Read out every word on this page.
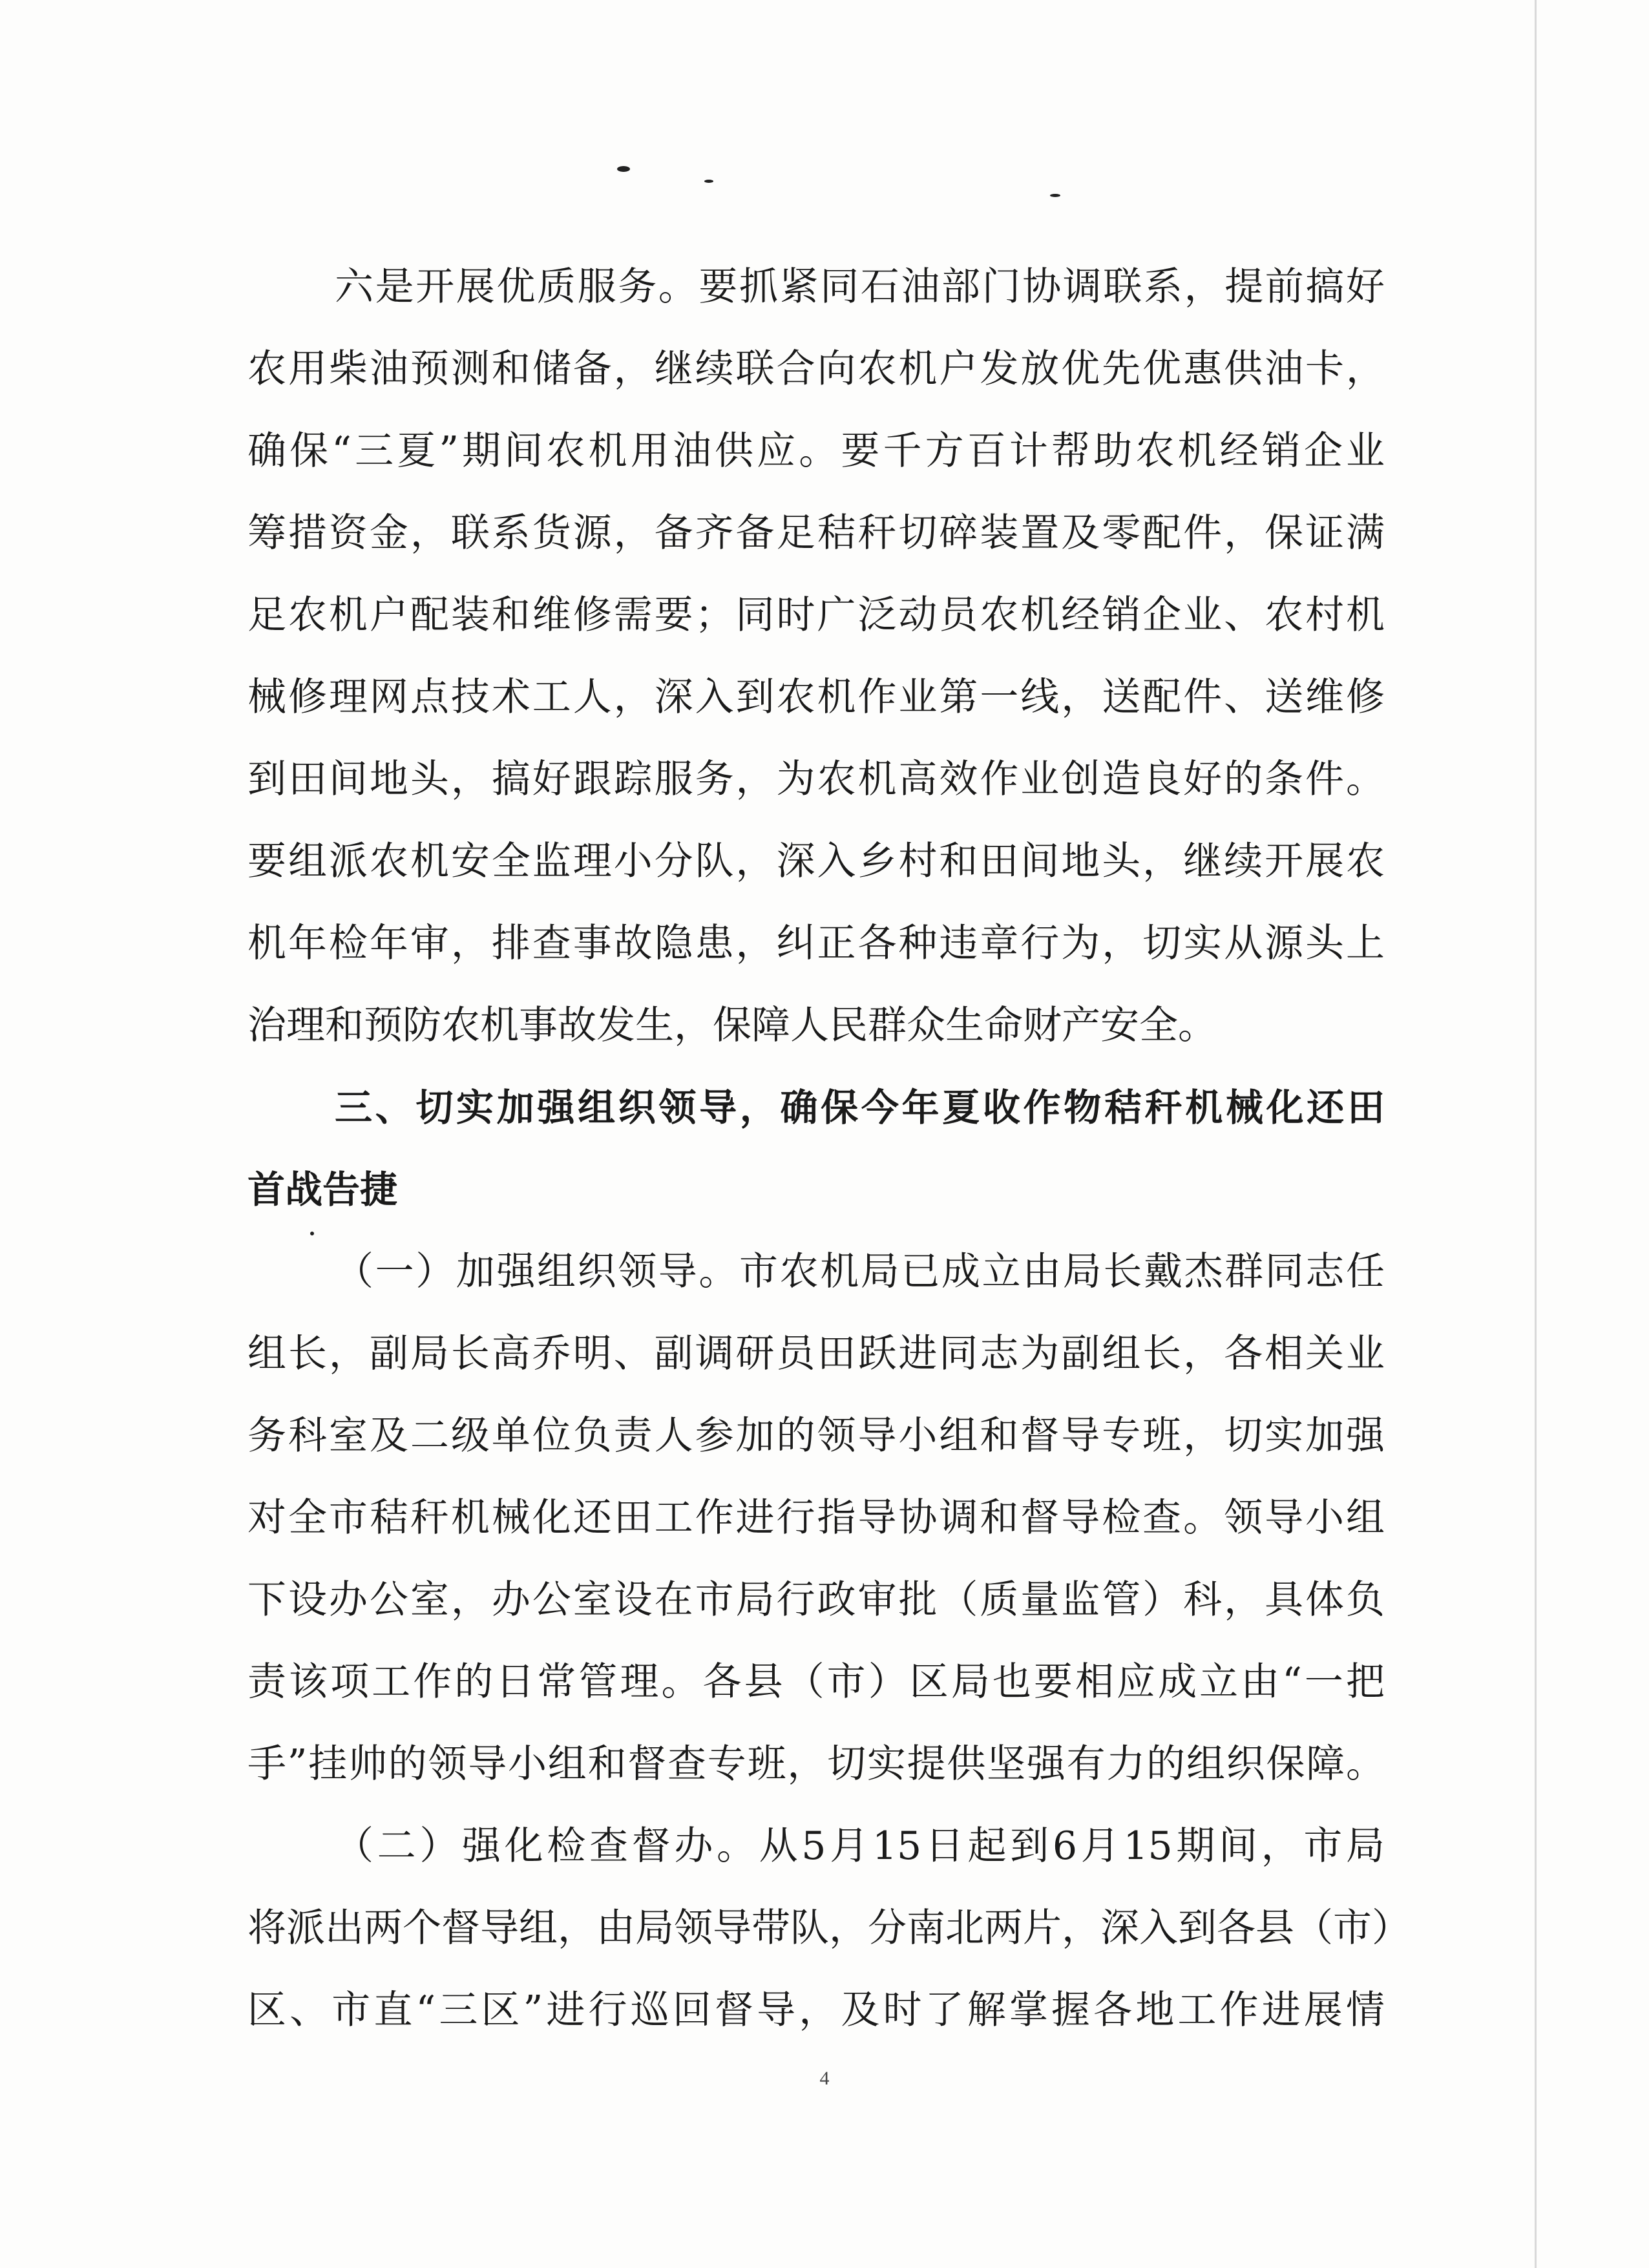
六是开展优质服务。要抓紧同石油部门协调联系，提前搞好
农用柴油预测和储备，继续联合向农机户发放优先优惠供油卡，
确保“三夏”期间农机用油供应。要千方百计帮助农机经销企业
筹措资金，联系货源，备齐备足秸秆切碎装置及零配件，保证满
足农机户配装和维修需要；同时广泛动员农机经销企业、农村机
械修理网点技术工人，深入到农机作业第一线，送配件、送维修
到田间地头，搞好跟踪服务，为农机高效作业创造良好的条件。
要组派农机安全监理小分队，深入乡村和田间地头，继续开展农
机年检年审，排查事故隐患，纠正各种违章行为，切实从源头上
治理和预防农机事故发生，保障人民群众生命财产安全。
三、切实加强组织领导，确保今年夏收作物秸秆机械化还田
首战告捷
（一）加强组织领导。市农机局已成立由局长戴杰群同志任
组长，副局长高乔明、副调研员田跃进同志为副组长，各相关业
务科室及二级单位负责人参加的领导小组和督导专班，切实加强
对全市秸秆机械化还田工作进行指导协调和督导检查。领导小组
下设办公室，办公室设在市局行政审批（质量监管）科，具体负
责该项工作的日常管理。各县（市）区局也要相应成立由“一把
手”挂帅的领导小组和督查专班，切实提供坚强有力的组织保障。
（二）强化检查督办。从5月15日起到6月15期间，市局
将派出两个督导组，由局领导带队，分南北两片，深入到各县（市）
区、市直“三区”进行巡回督导，及时了解掌握各地工作进展情
4
